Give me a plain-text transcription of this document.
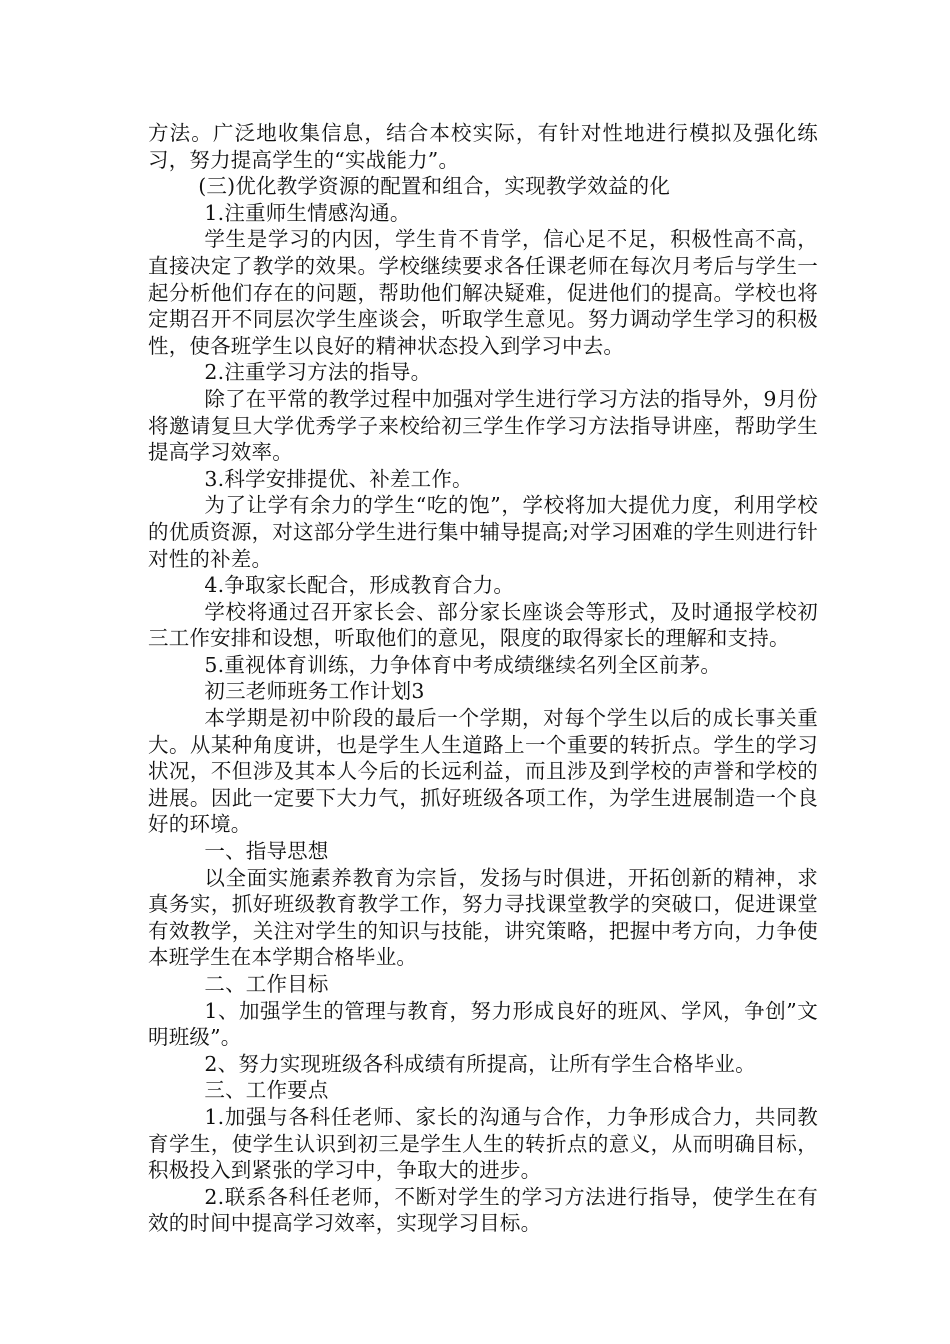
方法。广泛地收集信息，结合本校实际，有针对性地进行模拟及强化练习，努力提高学生的“实战能力”。

(三)优化教学资源的配置和组合，实现教学效益的化

1.注重师生情感沟通。

学生是学习的内因，学生肯不肯学，信心足不足，积极性高不高，直接决定了教学的效果。学校继续要求各任课老师在每次月考后与学生一起分析他们存在的问题，帮助他们解决疑难，促进他们的提高。学校也将定期召开不同层次学生座谈会，听取学生意见。努力调动学生学习的积极性，使各班学生以良好的精神状态投入到学习中去。

2.注重学习方法的指导。

除了在平常的教学过程中加强对学生进行学习方法的指导外，9月份将邀请复旦大学优秀学子来校给初三学生作学习方法指导讲座，帮助学生提高学习效率。

3.科学安排提优、补差工作。

为了让学有余力的学生“吃的饱”，学校将加大提优力度，利用学校的优质资源，对这部分学生进行集中辅导提高;对学习困难的学生则进行针对性的补差。

4.争取家长配合，形成教育合力。

学校将通过召开家长会、部分家长座谈会等形式，及时通报学校初三工作安排和设想，听取他们的意见，限度的取得家长的理解和支持。

5.重视体育训练，力争体育中考成绩继续名列全区前茅。

初三老师班务工作计划3

本学期是初中阶段的最后一个学期，对每个学生以后的成长事关重大。从某种角度讲，也是学生人生道路上一个重要的转折点。学生的学习状况，不但涉及其本人今后的长远利益，而且涉及到学校的声誉和学校的进展。因此一定要下大力气，抓好班级各项工作，为学生进展制造一个良好的环境。

一、指导思想

以全面实施素养教育为宗旨，发扬与时俱进，开拓创新的精神，求真务实，抓好班级教育教学工作，努力寻找课堂教学的突破口，促进课堂有效教学，关注对学生的知识与技能，讲究策略，把握中考方向，力争使本班学生在本学期合格毕业。

二、工作目标

1、加强学生的管理与教育，努力形成良好的班风、学风，争创”文明班级”。

2、努力实现班级各科成绩有所提高，让所有学生合格毕业。

三、工作要点

1.加强与各科任老师、家长的沟通与合作，力争形成合力，共同教育学生，使学生认识到初三是学生人生的转折点的意义，从而明确目标，积极投入到紧张的学习中，争取大的进步。

2.联系各科任老师，不断对学生的学习方法进行指导，使学生在有效的时间中提高学习效率，实现学习目标。
